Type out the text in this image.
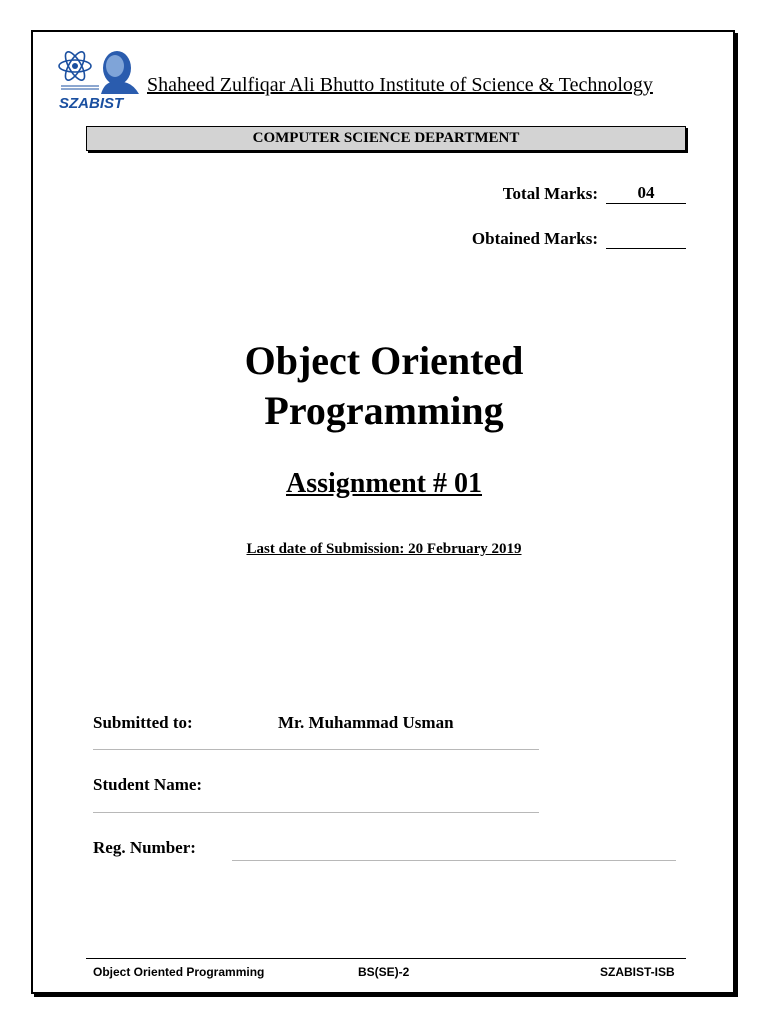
SZABIST
Shaheed Zulfiqar Ali Bhutto Institute of Science & Technology
COMPUTER SCIENCE DEPARTMENT
Total Marks:	04
Obtained Marks:
Object Oriented
Programming
Assignment # 01
Last date of Submission: 20 February 2019
Submitted to:	Mr. Muhammad Usman
Student Name:
Reg. Number:
Object Oriented Programming	BS(SE)-2	SZABIST-ISB
